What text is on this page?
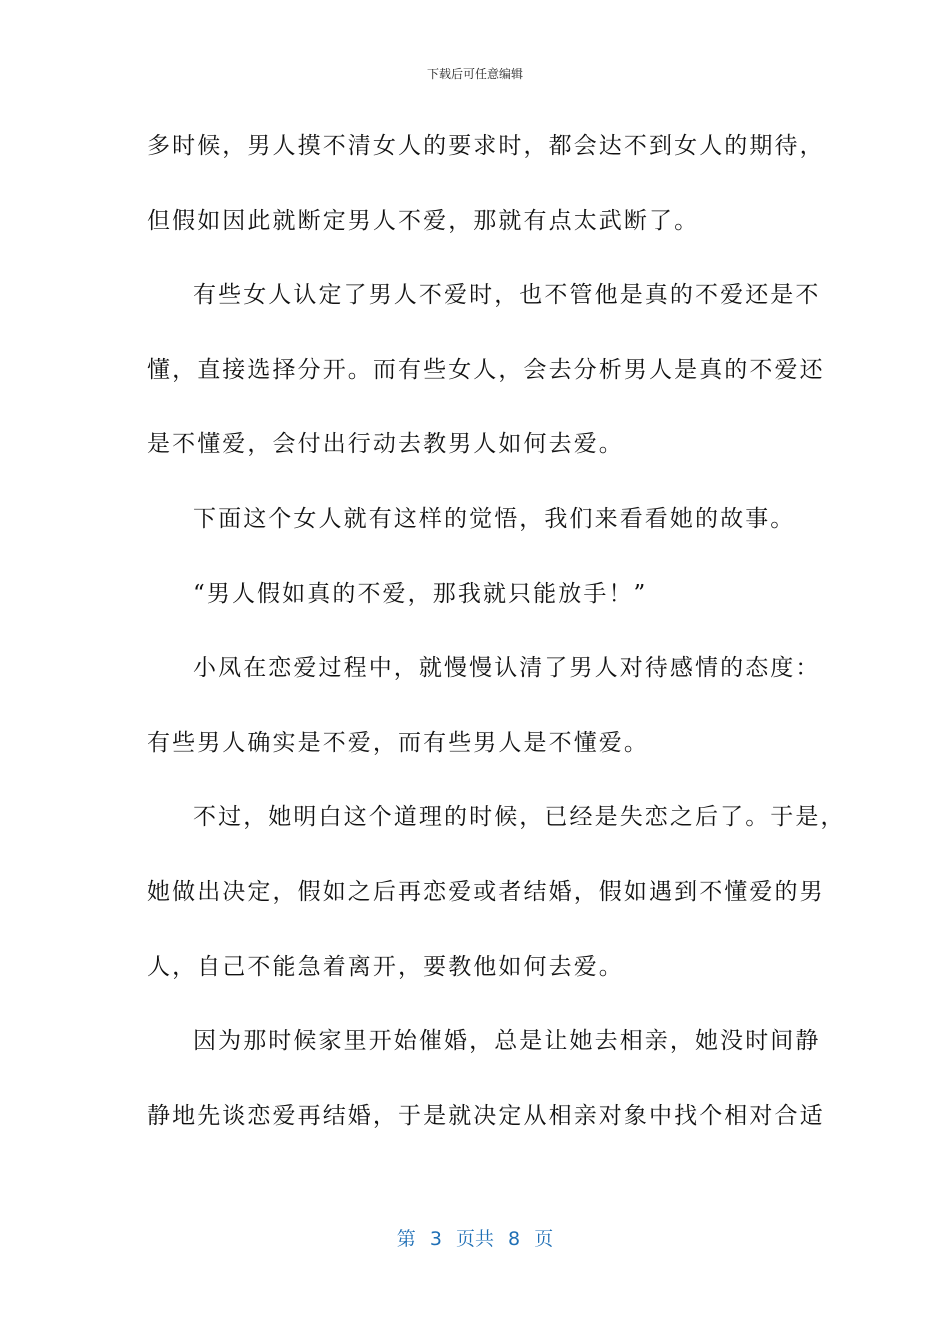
下载后可任意编辑
多时候，男人摸不清女人的要求时，都会达不到女人的期待，
但假如因此就断定男人不爱，那就有点太武断了。
有些女人认定了男人不爱时，也不管他是真的不爱还是不
懂，直接选择分开。而有些女人，会去分析男人是真的不爱还
是不懂爱，会付出行动去教男人如何去爱。
下面这个女人就有这样的觉悟，我们来看看她的故事。
“男人假如真的不爱，那我就只能放手！”
小凤在恋爱过程中，就慢慢认清了男人对待感情的态度：
有些男人确实是不爱，而有些男人是不懂爱。
不过，她明白这个道理的时候，已经是失恋之后了。于是，
她做出决定，假如之后再恋爱或者结婚，假如遇到不懂爱的男
人，自己不能急着离开，要教他如何去爱。
因为那时候家里开始催婚，总是让她去相亲，她没时间静
静地先谈恋爱再结婚，于是就决定从相亲对象中找个相对合适
第 3 页共 8 页
